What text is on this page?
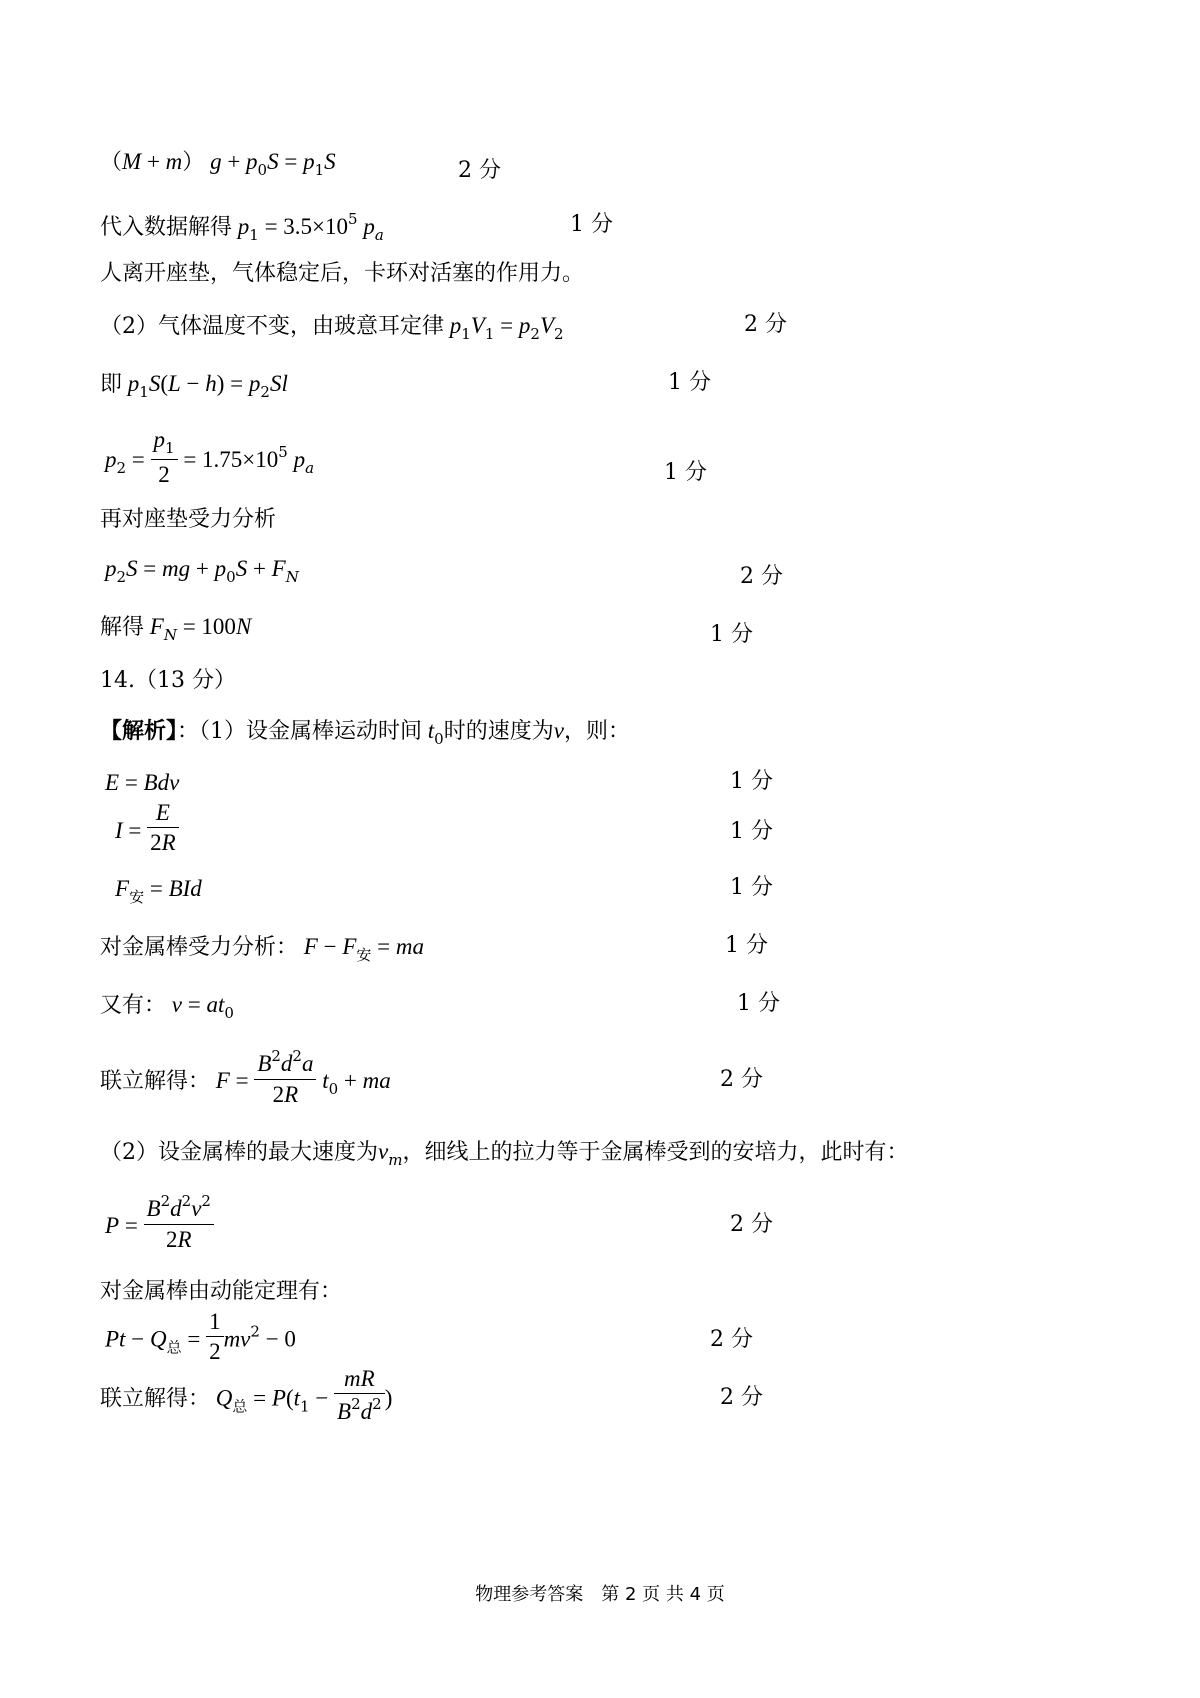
（M + m） $g + p_0S = p_1S$	2 分
代入数据解得 $p_1 = 3.5\times 10^5$ $p_a$	1 分
人离开座垫，气体稳定后，卡环对活塞的作用力。
（2）气体温度不变，由玻意耳定律 $p_1V_1 = p_2V_2$	2 分
即 $p_1S(L - h) = p_2Sl$	1 分
$p_2 = \frac{p_1}{2} = 1.75\times 10^5$ $p_a$	1 分
再对座垫受力分析
$p_2S$ = mg + $p_0S + F_N$	2 分
解得 $F_N = 100N$	1 分
14.（13 分）
【解析】：（1）设金属棒运动时间 $t_0$时的速度为v，则：
E = Bdv	1 分
$I = \frac{E}{2R}$	1 分
$F_安$ = BId	1 分
对金属棒受力分析： $F - F_安$ = ma	1 分
又有： $v = at_0$	1 分
联立解得： $F = \frac{B^2d^2a}{2R} t_0$ + ma	2 分
（2）设金属棒的最大速度为$v_m$，细线上的拉力等于金属棒受到的安培力，此时有：
$P = \frac{B^2d^2v^2}{2R}$	2 分
对金属棒由动能定理有：
$Pt - Q_总 = \frac{1}{2} mv^2 - 0$	2 分
联立解得： $Q_总 = P(t_1 - \frac{mR}{B^2d^2}$ )	2 分
物理参考答案　第 2 页 共 4 页
